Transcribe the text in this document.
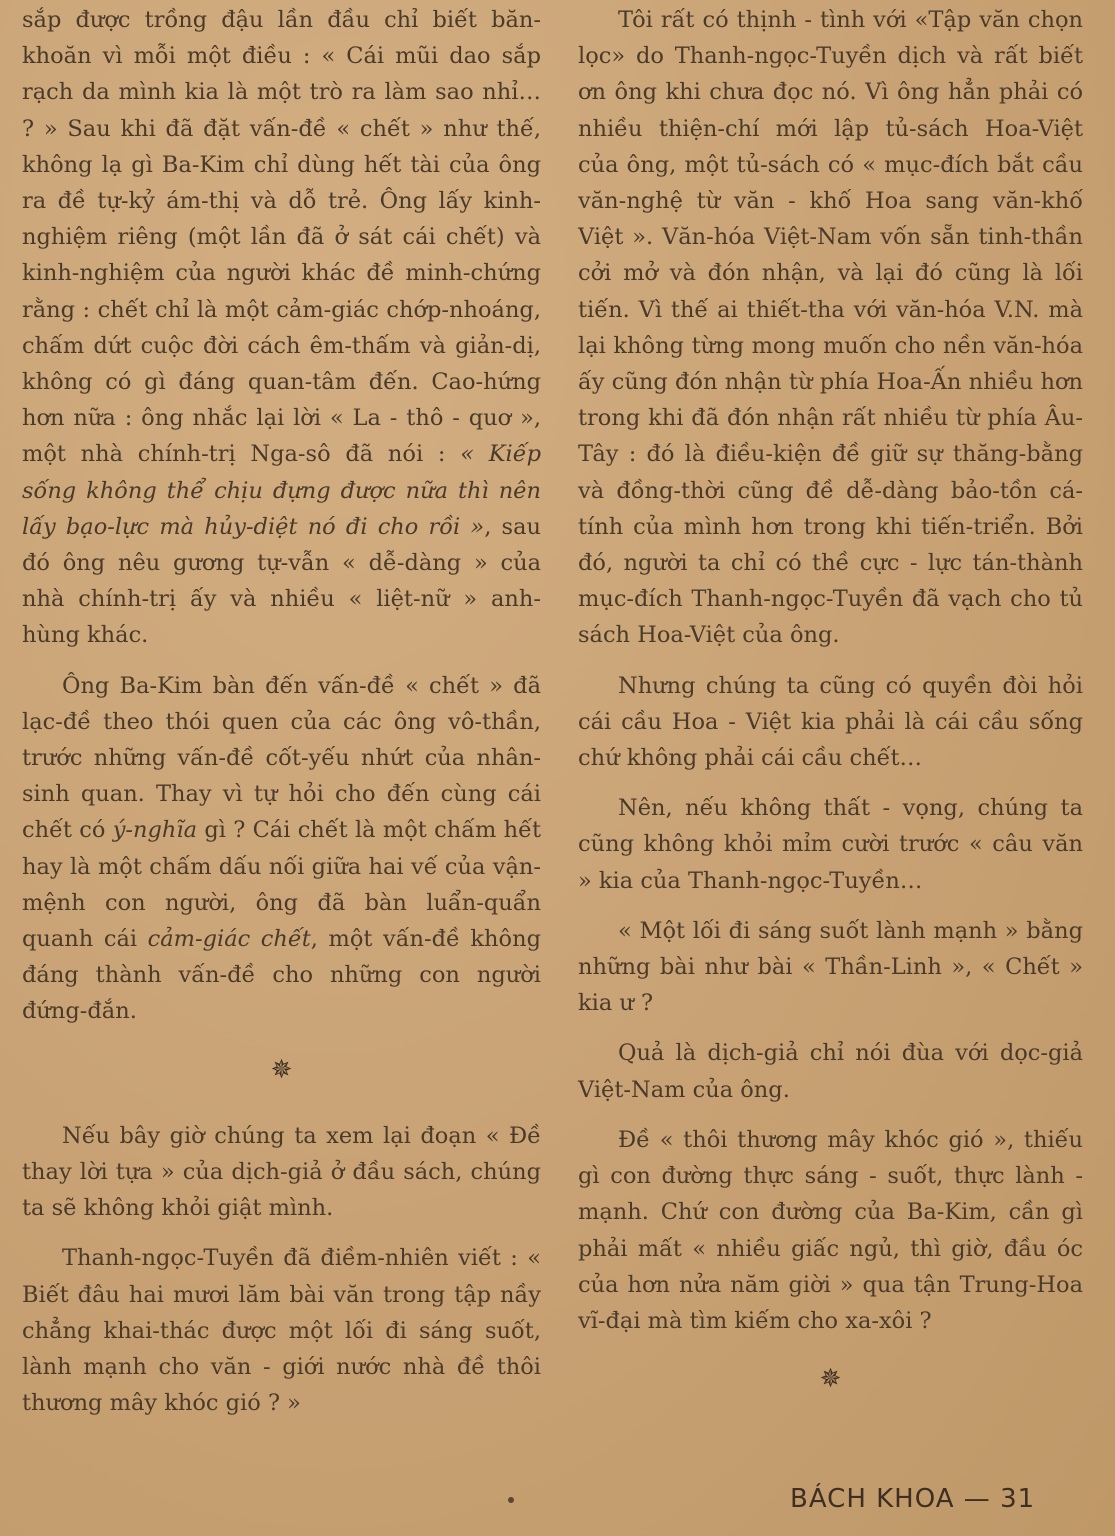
sắp được trồng đậu lần đầu chỉ biết băn-khoăn vì mỗi một điều : « Cái mũi dao sắp rạch da mình kia là một trò ra làm sao nhỉ… ? » Sau khi đã đặt vấn-đề « chết » như thế, không lạ gì Ba-Kim chỉ dùng hết tài của ông ra đề tự-kỷ ám-thị và dỗ trẻ. Ông lấy kinh-nghiệm riêng (một lần đã ở sát cái chết) và kinh-nghiệm của người khác đề minh-chứng rằng : chết chỉ là một cảm-giác chớp-nhoáng, chấm dứt cuộc đời cách êm-thấm và giản-dị, không có gì đáng quan-tâm đến. Cao-hứng hơn nữa : ông nhắc lại lời « La - thô - quơ », một nhà chính-trị Nga-sô đã nói : « Kiếp sống không thể chịu đựng được nữa thì nên lấy bạo-lực mà hủy-diệt nó đi cho rồi », sau đó ông nêu gương tự-vẫn « dễ-dàng » của nhà chính-trị ấy và nhiều « liệt-nữ » anh-hùng khác.

Ông Ba-Kim bàn đến vấn-đề « chết » đã lạc-đề theo thói quen của các ông vô-thần, trước những vấn-đề cốt-yếu nhứt của nhân-sinh quan. Thay vì tự hỏi cho đến cùng cái chết có ý-nghĩa gì ? Cái chết là một chấm hết hay là một chấm dấu nối giữa hai vế của vận-mệnh con người, ông đã bàn luẩn-quẩn quanh cái cảm-giác chết, một vấn-đề không đáng thành vấn-đề cho những con người đứng-đắn.

✵

Nếu bây giờ chúng ta xem lại đoạn « Đề thay lời tựa » của dịch-giả ở đầu sách, chúng ta sẽ không khỏi giật mình.

Thanh-ngọc-Tuyền đã điềm-nhiên viết : « Biết đâu hai mươi lăm bài văn trong tập nầy chẳng khai-thác được một lối đi sáng suốt, lành mạnh cho văn - giới nước nhà đề thôi thương mây khóc gió ? »

Tôi rất có thịnh - tình với «Tập văn chọn lọc» do Thanh-ngọc-Tuyền dịch và rất biết ơn ông khi chưa đọc nó. Vì ông hẳn phải có nhiều thiện-chí mới lập tủ-sách Hoa-Việt của ông, một tủ-sách có « mục-đích bắt cầu văn-nghệ từ văn - khố Hoa sang văn-khố Việt ». Văn-hóa Việt-Nam vốn sẵn tinh-thần cởi mở và đón nhận, và lại đó cũng là lối tiến. Vì thế ai thiết-tha với văn-hóa V.N. mà lại không từng mong muốn cho nền văn-hóa ấy cũng đón nhận từ phía Hoa-Ấn nhiều hơn trong khi đã đón nhận rất nhiều từ phía Âu-Tây : đó là điều-kiện đề giữ sự thăng-bằng và đồng-thời cũng đề dễ-dàng bảo-tồn cá-tính của mình hơn trong khi tiến-triển. Bởi đó, người ta chỉ có thề cực - lực tán-thành mục-đích Thanh-ngọc-Tuyền đã vạch cho tủ sách Hoa-Việt của ông.

Nhưng chúng ta cũng có quyền đòi hỏi cái cầu Hoa - Việt kia phải là cái cầu sống chứ không phải cái cầu chết…

Nên, nếu không thất - vọng, chúng ta cũng không khỏi mỉm cười trước « câu văn » kia của Thanh-ngọc-Tuyền…

« Một lối đi sáng suốt lành mạnh » bằng những bài như bài « Thần-Linh », « Chết » kia ư ?

Quả là dịch-giả chỉ nói đùa với dọc-giả Việt-Nam của ông.

Đề « thôi thương mây khóc gió », thiếu gì con đường thực sáng - suốt, thực lành - mạnh. Chứ con đường của Ba-Kim, cần gì phải mất « nhiều giấc ngủ, thì giờ, đầu óc của hơn nửa năm giời » qua tận Trung-Hoa vĩ-đại mà tìm kiếm cho xa-xôi ?

✵
BÁCH KHOA — 31
